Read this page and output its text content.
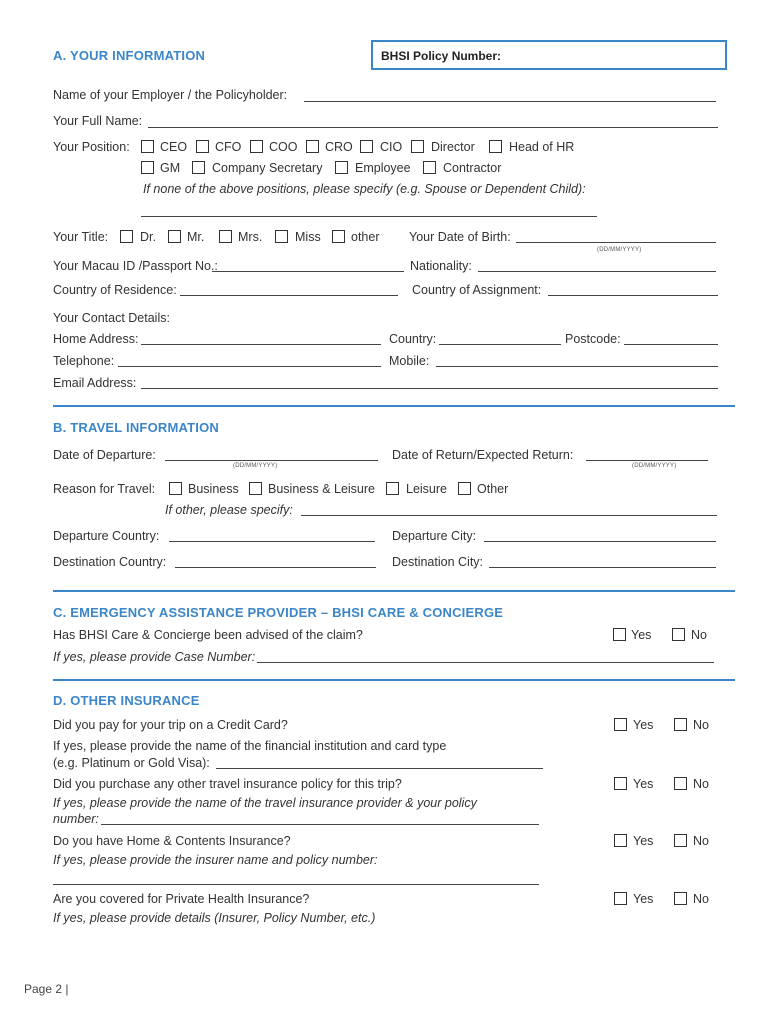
A. YOUR INFORMATION	BHSI Policy Number:
Name of your Employer / the Policyholder:
Your Full Name:
Your Position: CEO CFO COO CRO CIO Director	Head of HR
GM	Company Secretary	Employee	Contractor
If none of the above positions, please specify (e.g. Spouse or Dependent Child):
Your Title:	Dr. Mr.	Mrs.	Miss other Your Date of Birth:
(DD/MM/YYYY)
Your Macau ID /Passport No.:	Nationality:
Country of Residence:	Country of Assignment:
Your Contact Details:
Home Address:	Country:	Postcode:
Telephone:	Mobile:
Email Address:
B. TRAVEL INFORMATION
Date of Departure:
(DD/MM/YYYY)
Date of Return/Expected Return:
(DD/MM/YYYY)
Reason for Travel:	Business Business & Leisure Leisure Other
If other, please specify:
Departure Country:	Departure City:
Destination Country:	Destination City:
C. EMERGENCY ASSISTANCE PROVIDER – BHSI CARE & CONCIERGE
Has BHSI Care & Concierge been advised of the claim?	Yes	No
If yes, please provide Case Number:
D. OTHER INSURANCE
Did you pay for your trip on a Credit Card?	Yes	No
If yes, please provide the name of the financial institution and card type
(e.g. Platinum or Gold Visa):
Did you purchase any other travel insurance policy for this trip?	Yes	No
If yes, please provide the name of the travel insurance provider & your policy
number:
Do you have Home & Contents Insurance?	Yes	No
If yes, please provide the insurer name and policy number:
Are you covered for Private Health Insurance?	Yes	No
If yes, please provide details (Insurer, Policy Number, etc.)
Page 2 |
